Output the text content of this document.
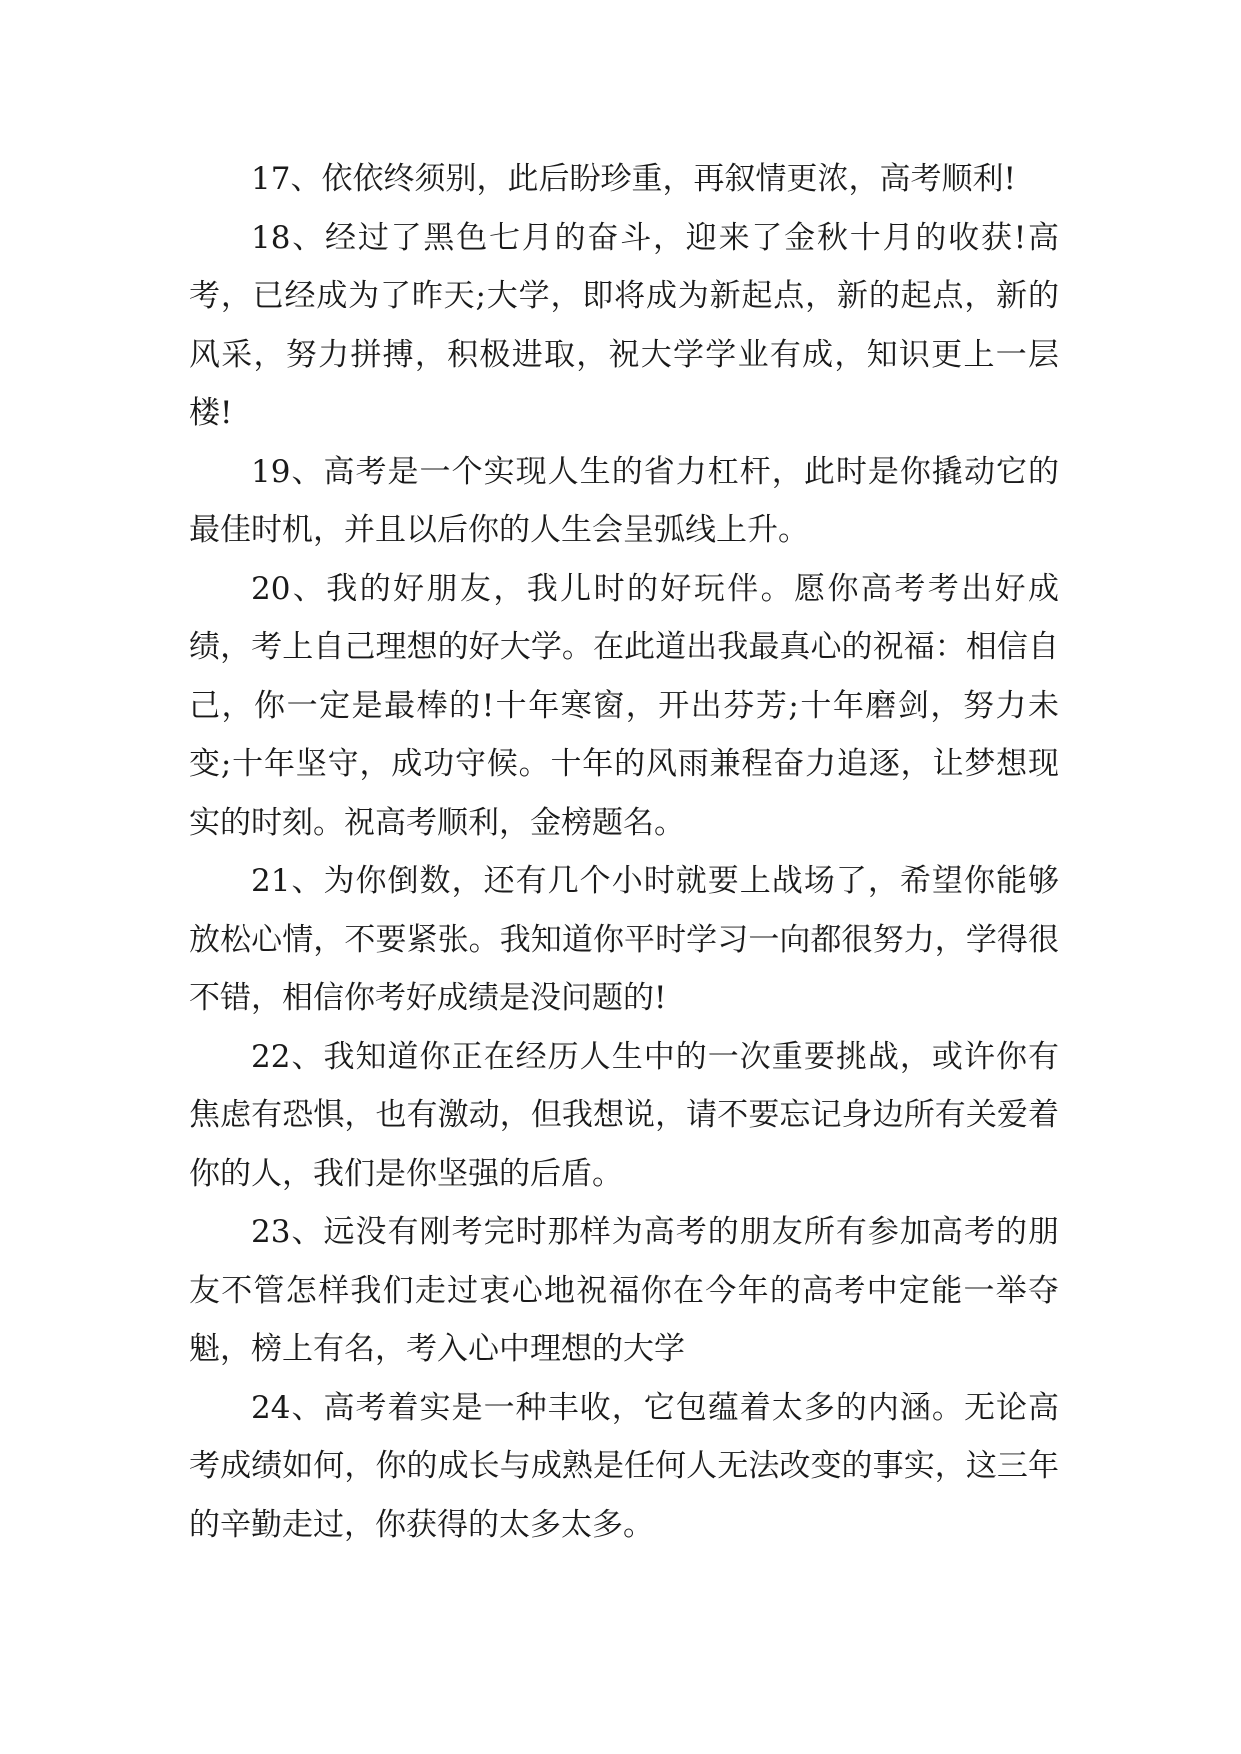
17、依依终须别，此后盼珍重，再叙情更浓，高考顺利!

18、经过了黑色七月的奋斗，迎来了金秋十月的收获!高考，已经成为了昨天;大学，即将成为新起点，新的起点，新的风采，努力拼搏，积极进取，祝大学学业有成，知识更上一层楼!

19、高考是一个实现人生的省力杠杆，此时是你撬动它的最佳时机，并且以后你的人生会呈弧线上升。

20、我的好朋友，我儿时的好玩伴。愿你高考考出好成绩，考上自己理想的好大学。在此道出我最真心的祝福：相信自己，你一定是最棒的!十年寒窗，开出芬芳;十年磨剑，努力未变;十年坚守，成功守候。十年的风雨兼程奋力追逐，让梦想现实的时刻。祝高考顺利，金榜题名。

21、为你倒数，还有几个小时就要上战场了，希望你能够放松心情，不要紧张。我知道你平时学习一向都很努力，学得很不错，相信你考好成绩是没问题的!

22、我知道你正在经历人生中的一次重要挑战，或许你有焦虑有恐惧，也有激动，但我想说，请不要忘记身边所有关爱着你的人，我们是你坚强的后盾。

23、远没有刚考完时那样为高考的朋友所有参加高考的朋友不管怎样我们走过衷心地祝福你在今年的高考中定能一举夺魁，榜上有名，考入心中理想的大学

24、高考着实是一种丰收，它包蕴着太多的内涵。无论高考成绩如何，你的成长与成熟是任何人无法改变的事实，这三年的辛勤走过，你获得的太多太多。
